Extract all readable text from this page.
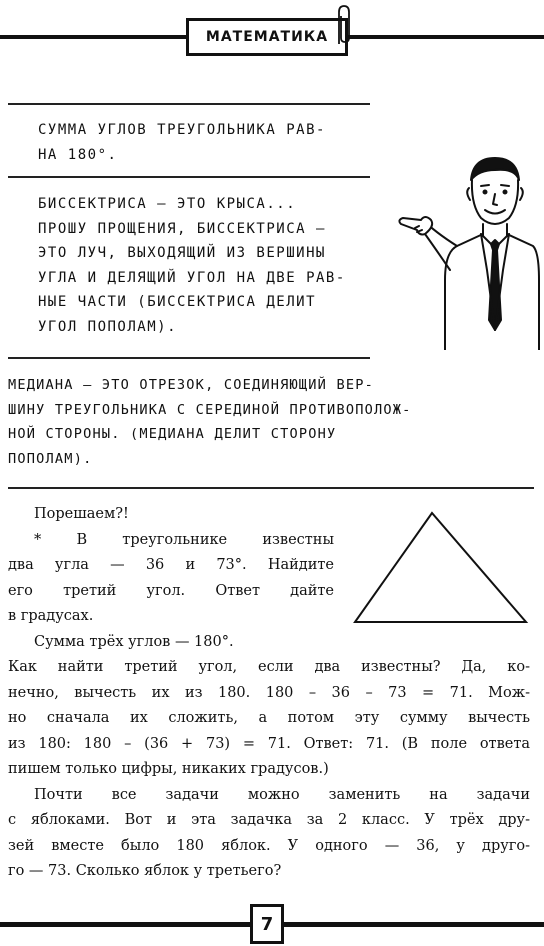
МАТЕМАТИКА
СУММА УГЛОВ ТРЕУГОЛЬНИКА РАВ-
НА 180°.
БИССЕКТРИСА — ЭТО КРЫСА...
ПРОШУ ПРОЩЕНИЯ, БИССЕКТРИСА —
ЭТО ЛУЧ, ВЫХОДЯЩИЙ ИЗ ВЕРШИНЫ
УГЛА И ДЕЛЯЩИЙ УГОЛ НА ДВЕ РАВ-
НЫЕ ЧАСТИ (БИССЕКТРИСА ДЕЛИТ
УГОЛ ПОПОЛАМ).
МЕДИАНА — ЭТО ОТРЕЗОК, СОЕДИНЯЮЩИЙ ВЕР-
ШИНУ ТРЕУГОЛЬНИКА С СЕРЕДИНОЙ ПРОТИВОПОЛОЖ-
НОЙ СТОРОНЫ. (МЕДИАНА ДЕЛИТ СТОРОНУ
ПОПОЛАМ).
Порешаем?!
* В треугольнике известны
два угла — 36 и 73°. Найдите
его третий угол. Ответ дайте
в градусах.
Сумма трёх углов — 180°.
Как найти третий угол, если два известны? Да, ко-
нечно, вычесть их из 180. 180 – 36 – 73 = 71. Мож-
но сначала их сложить, а потом эту сумму вычесть
из 180: 180 – (36 + 73) = 71. Ответ: 71. (В поле ответа
пишем только цифры, никаких градусов.)
Почти все задачи можно заменить на задачи
с яблоками. Вот и эта задачка за 2 класс. У трёх дру-
зей вместе было 180 яблок. У одного — 36, у друго-
го — 73. Сколько яблок у третьего?
7
